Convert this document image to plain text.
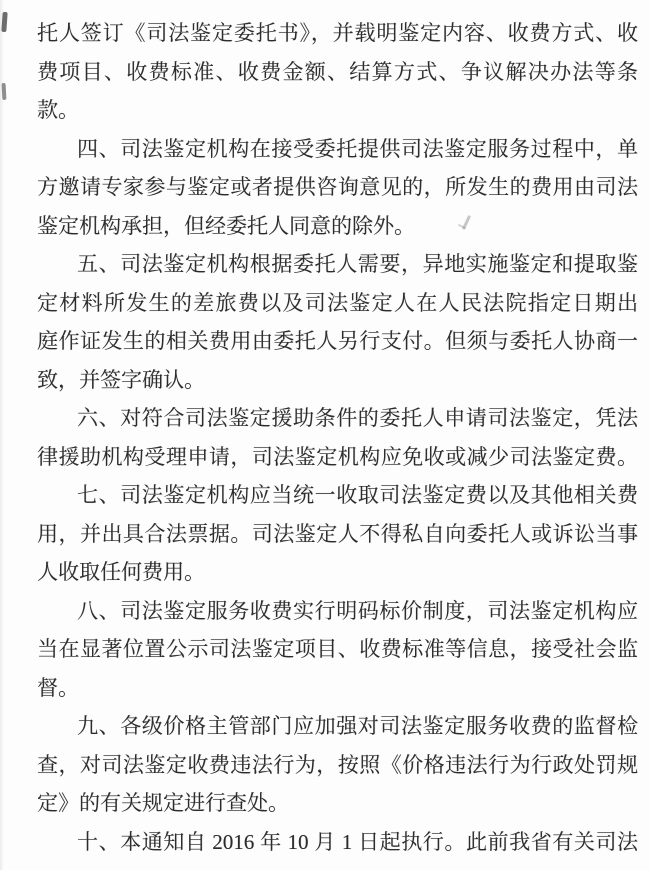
托人签订《司法鉴定委托书》，并载明鉴定内容、收费方式、收
费项目、收费标准、收费金额、结算方式、争议解决办法等条
款。
四、司法鉴定机构在接受委托提供司法鉴定服务过程中，单
方邀请专家参与鉴定或者提供咨询意见的，所发生的费用由司法
鉴定机构承担，但经委托人同意的除外。
五、司法鉴定机构根据委托人需要，异地实施鉴定和提取鉴
定材料所发生的差旅费以及司法鉴定人在人民法院指定日期出
庭作证发生的相关费用由委托人另行支付。但须与委托人协商一
致，并签字确认。
六、对符合司法鉴定援助条件的委托人申请司法鉴定，凭法
律援助机构受理申请，司法鉴定机构应免收或减少司法鉴定费。
七、司法鉴定机构应当统一收取司法鉴定费以及其他相关费
用，并出具合法票据。司法鉴定人不得私自向委托人或诉讼当事
人收取任何费用。
八、司法鉴定服务收费实行明码标价制度，司法鉴定机构应
当在显著位置公示司法鉴定项目、收费标准等信息，接受社会监
督。
九、各级价格主管部门应加强对司法鉴定服务收费的监督检
查，对司法鉴定收费违法行为，按照《价格违法行为行政处罚规
定》的有关规定进行查处。
十、本通知自 2016 年 10 月 1 日起执行。此前我省有关司法
